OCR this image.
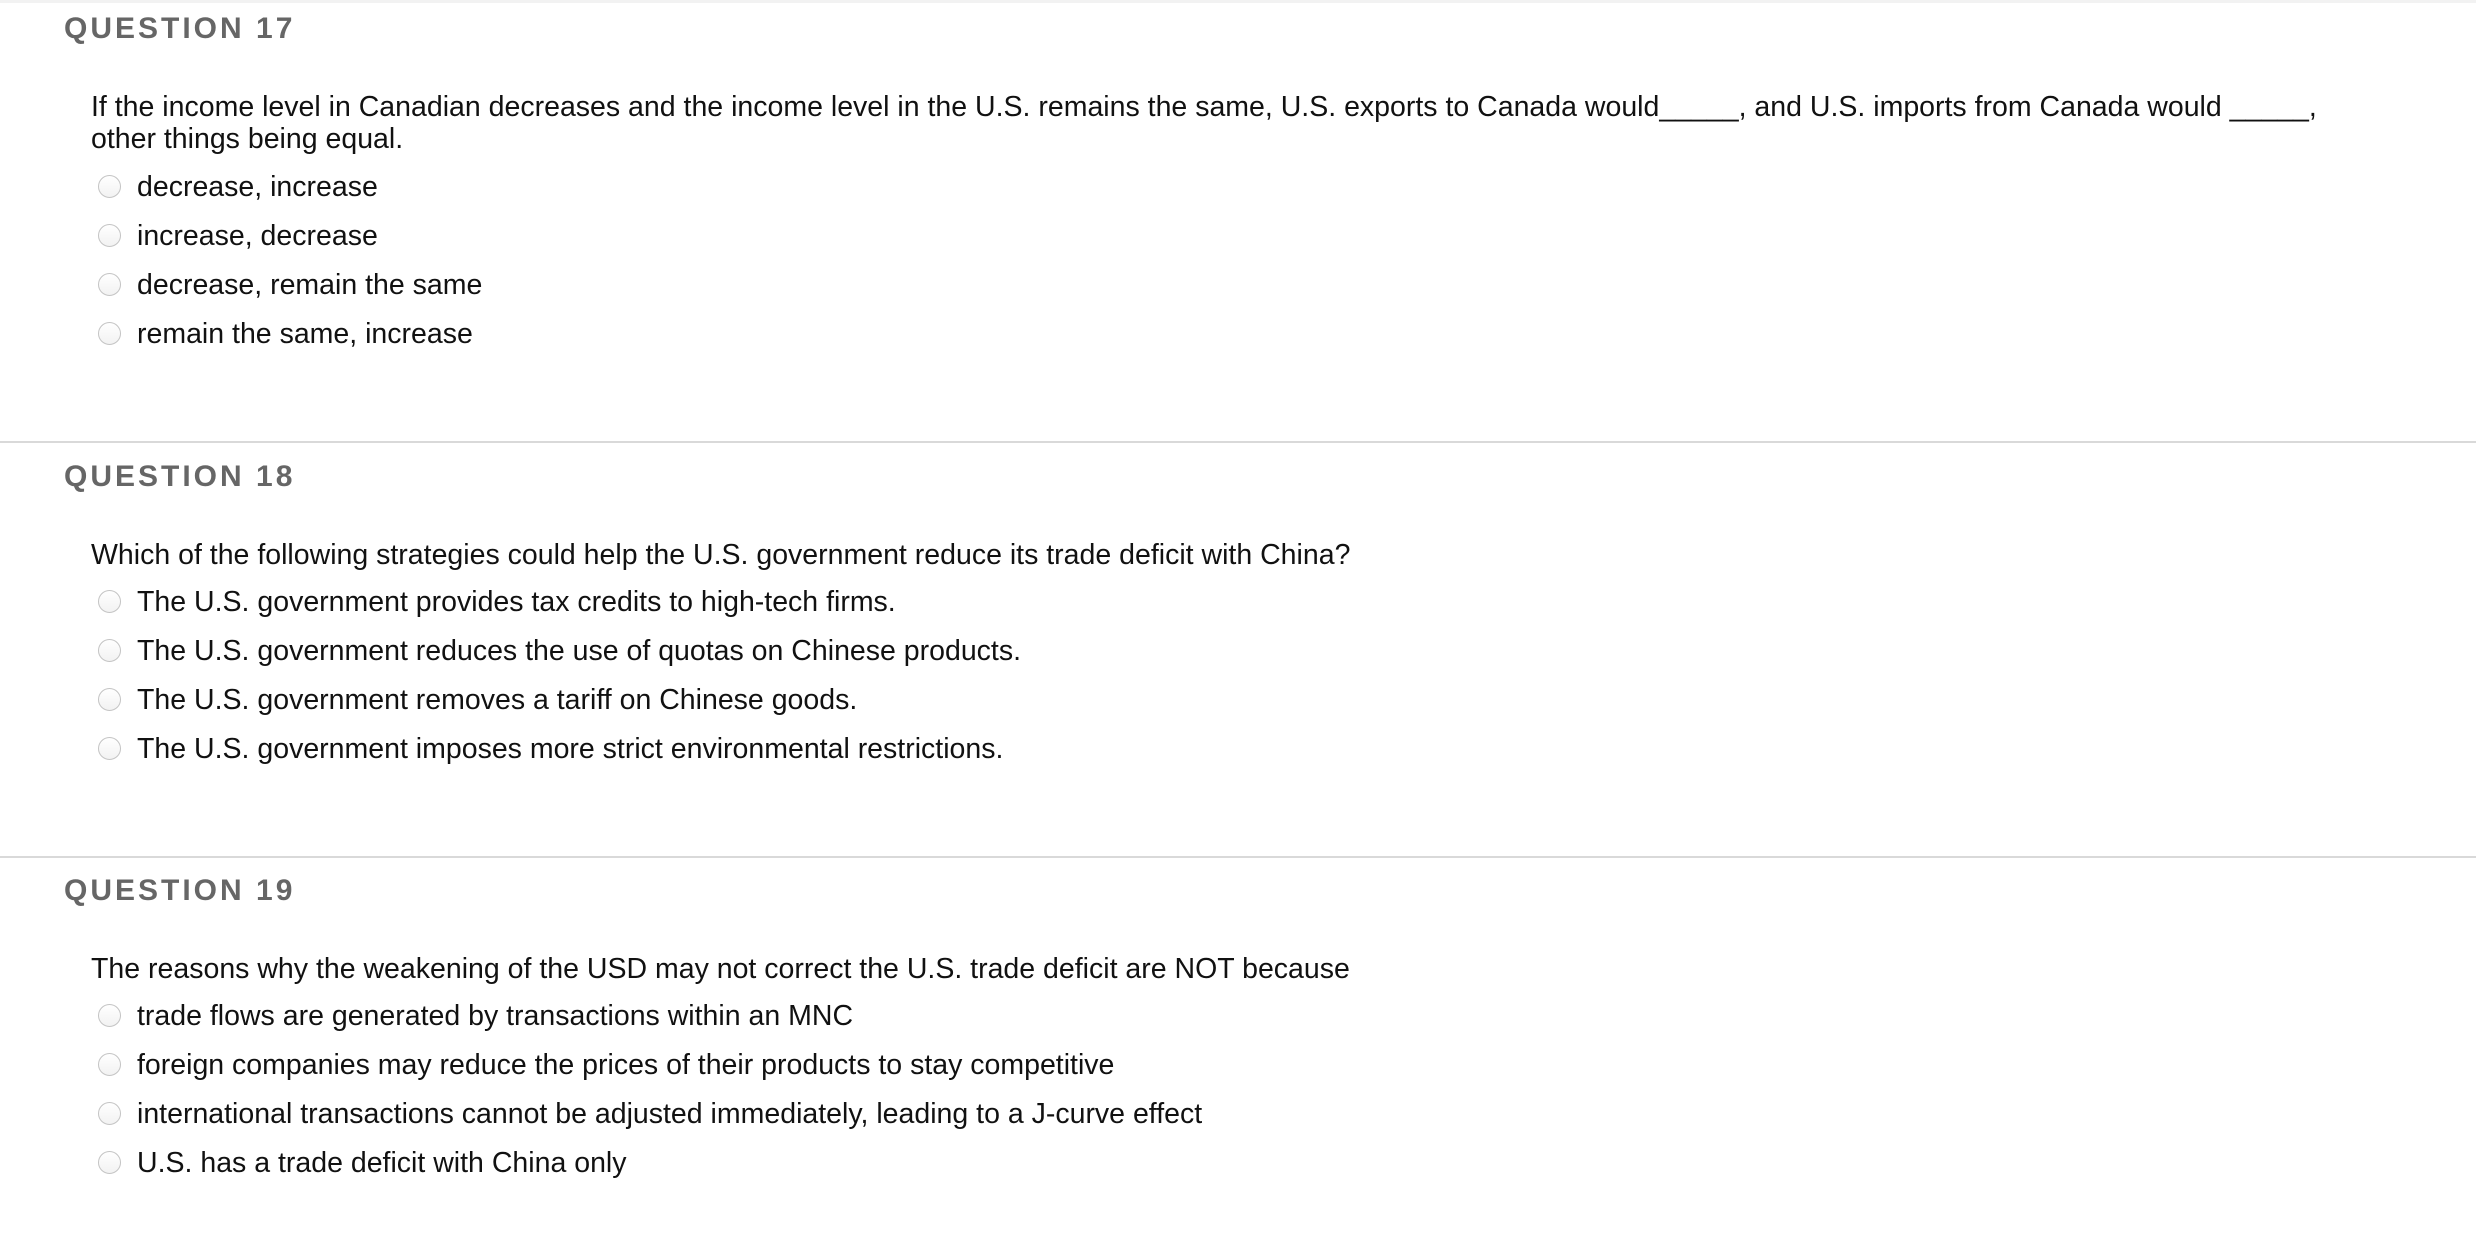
QUESTION 17

If the income level in Canadian decreases and the income level in the U.S. remains the same, U.S. exports to Canada would_____, and U.S. imports from Canada would _____, other things being equal.

decrease, increase
increase, decrease
decrease, remain the same
remain the same, increase
QUESTION 18

Which of the following strategies could help the U.S. government reduce its trade deficit with China?

The U.S. government provides tax credits to high-tech firms.
The U.S. government reduces the use of quotas on Chinese products.
The U.S. government removes a tariff on Chinese goods.
The U.S. government imposes more strict environmental restrictions.
QUESTION 19

The reasons why the weakening of the USD may not correct the U.S. trade deficit are NOT because

trade flows are generated by transactions within an MNC
foreign companies may reduce the prices of their products to stay competitive
international transactions cannot be adjusted immediately, leading to a J-curve effect
U.S. has a trade deficit with China only
